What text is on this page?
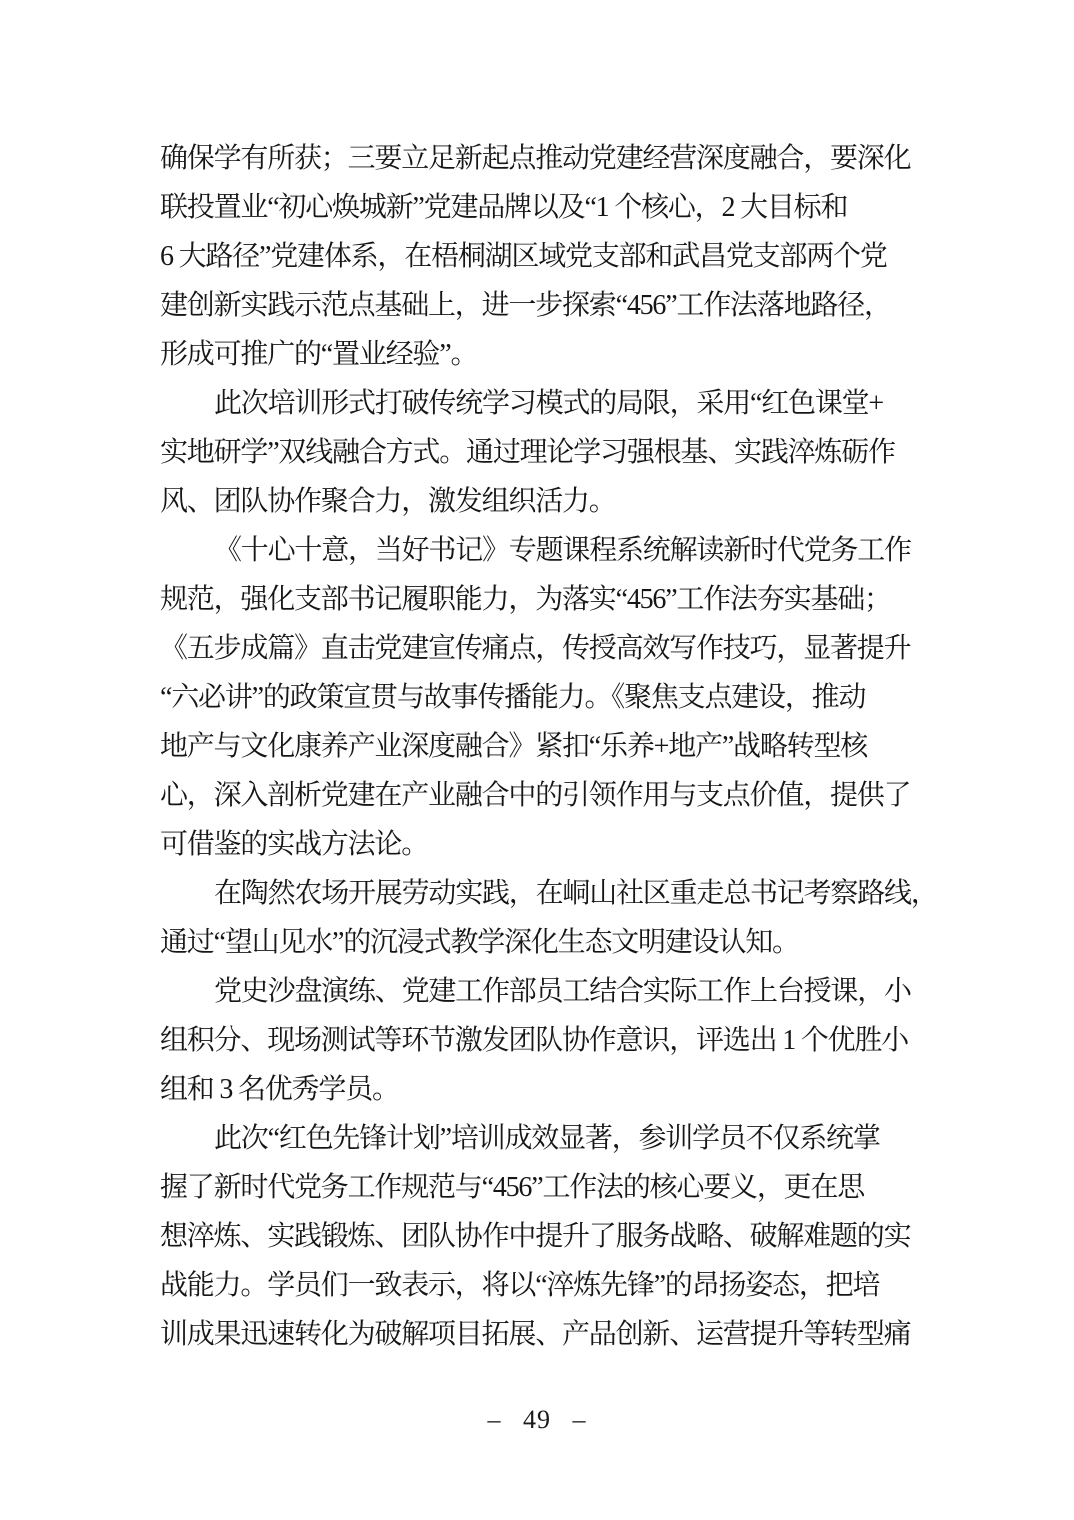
确保学有所获；三要立足新起点推动党建经营深度融合，要深化
联投置业“初心焕城新”党建品牌以及“1 个核心，2 大目标和
6 大路径”党建体系，在梧桐湖区域党支部和武昌党支部两个党
建创新实践示范点基础上，进一步探索“456”工作法落地路径，
形成可推广的“置业经验”。
此次培训形式打破传统学习模式的局限，采用“红色课堂+
实地研学”双线融合方式。通过理论学习强根基、实践淬炼砺作
风、团队协作聚合力，激发组织活力。
《十心十意，当好书记》专题课程系统解读新时代党务工作
规范，强化支部书记履职能力，为落实“456”工作法夯实基础；
《五步成篇》直击党建宣传痛点，传授高效写作技巧，显著提升
“六必讲”的政策宣贯与故事传播能力。《聚焦支点建设，推动
地产与文化康养产业深度融合》紧扣“乐养+地产”战略转型核
心，深入剖析党建在产业融合中的引领作用与支点价值，提供了
可借鉴的实战方法论。
在陶然农场开展劳动实践，在峒山社区重走总书记考察路线，
通过“望山见水”的沉浸式教学深化生态文明建设认知。
党史沙盘演练、党建工作部员工结合实际工作上台授课，小
组积分、现场测试等环节激发团队协作意识，评选出 1 个优胜小
组和 3 名优秀学员。
此次“红色先锋计划”培训成效显著，参训学员不仅系统掌
握了新时代党务工作规范与“456”工作法的核心要义，更在思
想淬炼、实践锻炼、团队协作中提升了服务战略、破解难题的实
战能力。学员们一致表示，将以“淬炼先锋”的昂扬姿态，把培
训成果迅速转化为破解项目拓展、产品创新、运营提升等转型痛
– 49 –
